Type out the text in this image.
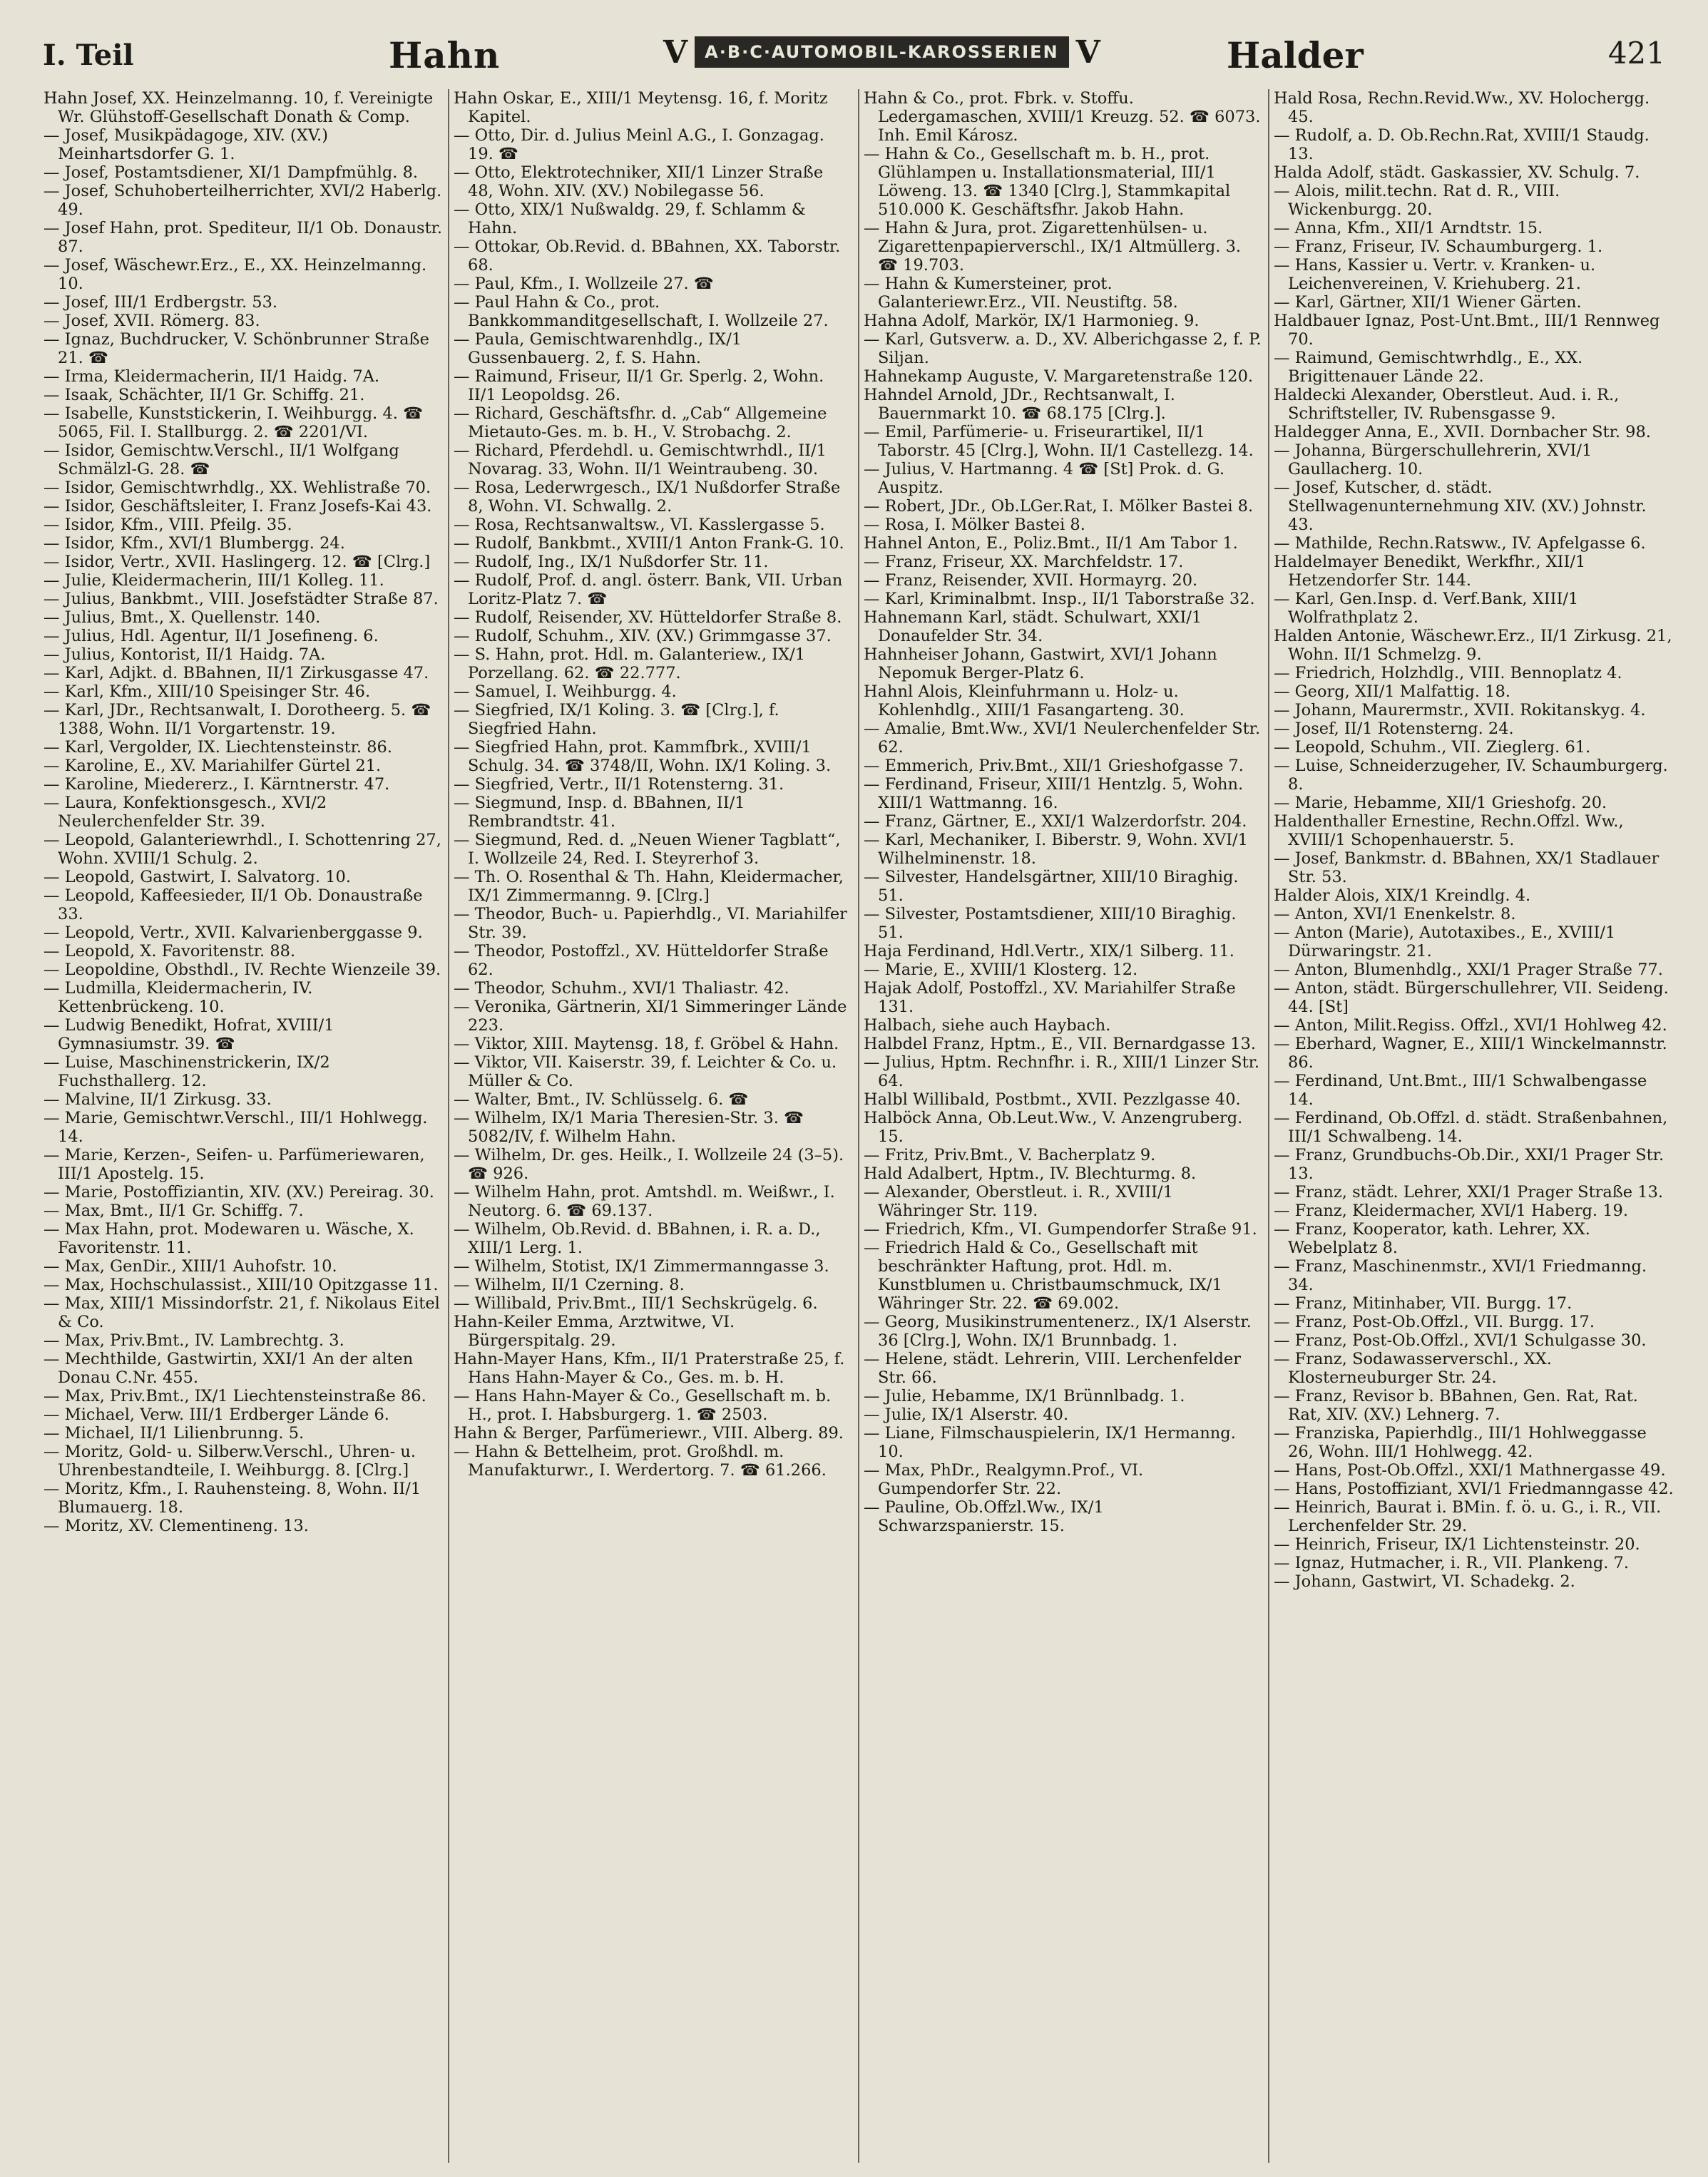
I. Teil	Hahn	V	A·B·C·AUTOMOBIL-KAROSSERIEN V	Halder	421

Hahn Josef, XX. Heinzelmanng. 10, f. Vereinigte Wr. Glühstoff-Gesellschaft Donath & Comp.

— Josef, Musikpädagoge, XIV. (XV.) Meinhartsdorfer G. 1.

— Josef, Postamtsdiener, XI/1 Dampfmühlg. 8.

— Josef, Schuhoberteilherrichter, XVI/2 Haberlg. 49.

— Josef Hahn, prot. Spediteur, II/1 Ob. Donaustr. 87.

— Josef, Wäschewr.Erz., E., XX. Heinzelmanng. 10.

— Josef, III/1 Erdbergstr. 53.

— Josef, XVII. Römerg. 83.

— Ignaz, Buchdrucker, V. Schönbrunner Straße 21. ☎

— Irma, Kleidermacherin, II/1 Haidg. 7A.

— Isaak, Schächter, II/1 Gr. Schiffg. 21.

— Isabelle, Kunststickerin, I. Weihburgg. 4. ☎ 5065, Fil. I. Stallburgg. 2. ☎ 2201/VI.

— Isidor, Gemischtw.Verschl., II/1 Wolfgang Schmälzl-G. 28. ☎

— Isidor, Gemischtwrhdlg., XX. Wehlistraße 70.

— Isidor, Geschäftsleiter, I. Franz Josefs-Kai 43.

— Isidor, Kfm., VIII. Pfeilg. 35.

— Isidor, Kfm., XVI/1 Blumbergg. 24.

— Isidor, Vertr., XVII. Haslingerg. 12. ☎ [Clrg.]

— Julie, Kleidermacherin, III/1 Kolleg. 11.

— Julius, Bankbmt., VIII. Josefstädter Straße 87.

— Julius, Bmt., X. Quellenstr. 140.

— Julius, Hdl. Agentur, II/1 Josefineng. 6.

— Julius, Kontorist, II/1 Haidg. 7A.

— Karl, Adjkt. d. BBahnen, II/1 Zirkusgasse 47.

— Karl, Kfm., XIII/10 Speisinger Str. 46.

— Karl, JDr., Rechtsanwalt, I. Dorotheerg. 5. ☎ 1388, Wohn. II/1 Vorgartenstr. 19.

— Karl, Vergolder, IX. Liechtensteinstr. 86.

— Karoline, E., XV. Mariahilfer Gürtel 21.

— Karoline, Miedererz., I. Kärntnerstr. 47.

— Laura, Konfektionsgesch., XVI/2 Neulerchenfelder Str. 39.

— Leopold, Galanteriewrhdl., I. Schottenring 27, Wohn. XVIII/1 Schulg. 2.

— Leopold, Gastwirt, I. Salvatorg. 10.

— Leopold, Kaffeesieder, II/1 Ob. Donaustraße 33.

— Leopold, Vertr., XVII. Kalvarienberggasse 9.

— Leopold, X. Favoritenstr. 88.

— Leopoldine, Obsthdl., IV. Rechte Wienzeile 39.

— Ludmilla, Kleidermacherin, IV. Kettenbrückeng. 10.

— Ludwig Benedikt, Hofrat, XVIII/1 Gymnasiumstr. 39. ☎

— Luise, Maschinenstrickerin, IX/2 Fuchsthallerg. 12.

— Malvine, II/1 Zirkusg. 33.

— Marie, Gemischtwr.Verschl., III/1 Hohlwegg. 14.

— Marie, Kerzen-, Seifen- u. Parfümeriewaren, III/1 Apostelg. 15.

— Marie, Postoffiziantin, XIV. (XV.) Pereirag. 30.

— Max, Bmt., II/1 Gr. Schiffg. 7.

— Max Hahn, prot. Modewaren u. Wäsche, X. Favoritenstr. 11.

— Max, GenDir., XIII/1 Auhofstr. 10.

— Max, Hochschulassist., XIII/10 Opitzgasse 11.

— Max, XIII/1 Missindorfstr. 21, f. Nikolaus Eitel & Co.

— Max, Priv.Bmt., IV. Lambrechtg. 3.

— Mechthilde, Gastwirtin, XXI/1 An der alten Donau C.Nr. 455.

— Max, Priv.Bmt., IX/1 Liechtensteinstraße 86.

— Michael, Verw. III/1 Erdberger Lände 6.

— Michael, II/1 Lilienbrunng. 5.

— Moritz, Gold- u. Silberw.Verschl., Uhren- u. Uhrenbestandteile, I. Weihburgg. 8. [Clrg.]

— Moritz, Kfm., I. Rauhensteing. 8, Wohn. II/1 Blumauerg. 18.

— Moritz, XV. Clementineng. 13.

Hahn Oskar, E., XIII/1 Meytensg. 16, f. Moritz Kapitel.

— Otto, Dir. d. Julius Meinl A.G., I. Gonzagag. 19. ☎

— Otto, Elektrotechniker, XII/1 Linzer Straße 48, Wohn. XIV. (XV.) Nobilegasse 56.

— Otto, XIX/1 Nußwaldg. 29, f. Schlamm & Hahn.

— Ottokar, Ob.Revid. d. BBahnen, XX. Taborstr. 68.

— Paul, Kfm., I. Wollzeile 27. ☎

— Paul Hahn & Co., prot. Bankkommanditgesellschaft, I. Wollzeile 27.

— Paula, Gemischtwarenhdlg., IX/1 Gussenbauerg. 2, f. S. Hahn.

— Raimund, Friseur, II/1 Gr. Sperlg. 2, Wohn. II/1 Leopoldsg. 26.

— Richard, Geschäftsfhr. d. „Cab“ Allgemeine Mietauto-Ges. m. b. H., V. Strobachg. 2.

— Richard, Pferdehdl. u. Gemischtwrhdl., II/1 Novarag. 33, Wohn. II/1 Weintraubeng. 30.

— Rosa, Lederwrgesch., IX/1 Nußdorfer Straße 8, Wohn. VI. Schwallg. 2.

— Rosa, Rechtsanwaltsw., VI. Kasslergasse 5.

— Rudolf, Bankbmt., XVIII/1 Anton Frank-G. 10.

— Rudolf, Ing., IX/1 Nußdorfer Str. 11.

— Rudolf, Prof. d. angl. österr. Bank, VII. Urban Loritz-Platz 7. ☎

— Rudolf, Reisender, XV. Hütteldorfer Straße 8.

— Rudolf, Schuhm., XIV. (XV.) Grimmgasse 37.

— S. Hahn, prot. Hdl. m. Galanteriew., IX/1 Porzellang. 62. ☎ 22.777.

— Samuel, I. Weihburgg. 4.

— Siegfried, IX/1 Koling. 3. ☎ [Clrg.], f. Siegfried Hahn.

— Siegfried Hahn, prot. Kammfbrk., XVIII/1 Schulg. 34. ☎ 3748/II, Wohn. IX/1 Koling. 3.

— Siegfried, Vertr., II/1 Rotensterng. 31.

— Siegmund, Insp. d. BBahnen, II/1 Rembrandtstr. 41.

— Siegmund, Red. d. „Neuen Wiener Tagblatt“, I. Wollzeile 24, Red. I. Steyrerhof 3.

— Th. O. Rosenthal & Th. Hahn, Kleidermacher, IX/1 Zimmermanng. 9. [Clrg.]

— Theodor, Buch- u. Papierhdlg., VI. Mariahilfer Str. 39.

— Theodor, Postoffzl., XV. Hütteldorfer Straße 62.

— Theodor, Schuhm., XVI/1 Thaliastr. 42.

— Veronika, Gärtnerin, XI/1 Simmeringer Lände 223.

— Viktor, XIII. Maytensg. 18, f. Gröbel & Hahn.

— Viktor, VII. Kaiserstr. 39, f. Leichter & Co. u. Müller & Co.

— Walter, Bmt., IV. Schlüsselg. 6. ☎

— Wilhelm, IX/1 Maria Theresien-Str. 3. ☎ 5082/IV, f. Wilhelm Hahn.

— Wilhelm, Dr. ges. Heilk., I. Wollzeile 24 (3–5). ☎ 926.

— Wilhelm Hahn, prot. Amtshdl. m. Weißwr., I. Neutorg. 6. ☎ 69.137.

— Wilhelm, Ob.Revid. d. BBahnen, i. R. a. D., XIII/1 Lerg. 1.

— Wilhelm, Stotist, IX/1 Zimmermanngasse 3.

— Wilhelm, II/1 Czerning. 8.

— Willibald, Priv.Bmt., III/1 Sechskrügelg. 6.

Hahn-Keiler Emma, Arztwitwe, VI. Bürgerspitalg. 29.

Hahn-Mayer Hans, Kfm., II/1 Praterstraße 25, f. Hans Hahn-Mayer & Co., Ges. m. b. H.

— Hans Hahn-Mayer & Co., Gesellschaft m. b. H., prot. I. Habsburgerg. 1. ☎ 2503.

Hahn & Berger, Parfümeriewr., VIII. Alberg. 89.

— Hahn & Bettelheim, prot. Großhdl. m. Manufakturwr., I. Werdertorg. 7. ☎ 61.266.

Hahn & Co., prot. Fbrk. v. Stoffu. Ledergamaschen, XVIII/1 Kreuzg. 52. ☎ 6073. Inh. Emil Károsz.

— Hahn & Co., Gesellschaft m. b. H., prot. Glühlampen u. Installationsmaterial, III/1 Löweng. 13. ☎ 1340 [Clrg.], Stammkapital 510.000 K. Geschäftsfhr. Jakob Hahn.

— Hahn & Jura, prot. Zigarettenhülsen- u. Zigarettenpapierverschl., IX/1 Altmüllerg. 3. ☎ 19.703.

— Hahn & Kumersteiner, prot. Galanteriewr.Erz., VII. Neustiftg. 58.

Hahna Adolf, Markör, IX/1 Harmonieg. 9.

— Karl, Gutsverw. a. D., XV. Alberichgasse 2, f. P. Siljan.

Hahnekamp Auguste, V. Margaretenstraße 120.

Hahndel Arnold, JDr., Rechtsanwalt, I. Bauernmarkt 10. ☎ 68.175 [Clrg.].

— Emil, Parfümerie- u. Friseurartikel, II/1 Taborstr. 45 [Clrg.], Wohn. II/1 Castellezg. 14.

— Julius, V. Hartmanng. 4 ☎ [St] Prok. d. G. Auspitz.

— Robert, JDr., Ob.LGer.Rat, I. Mölker Bastei 8.

— Rosa, I. Mölker Bastei 8.

Hahnel Anton, E., Poliz.Bmt., II/1 Am Tabor 1.

— Franz, Friseur, XX. Marchfeldstr. 17.

— Franz, Reisender, XVII. Hormayrg. 20.

— Karl, Kriminalbmt. Insp., II/1 Taborstraße 32.

Hahnemann Karl, städt. Schulwart, XXI/1 Donaufelder Str. 34.

Hahnheiser Johann, Gastwirt, XVI/1 Johann Nepomuk Berger-Platz 6.

Hahnl Alois, Kleinfuhrmann u. Holz- u. Kohlenhdlg., XIII/1 Fasangarteng. 30.

— Amalie, Bmt.Ww., XVI/1 Neulerchenfelder Str. 62.

— Emmerich, Priv.Bmt., XII/1 Grieshofgasse 7.

— Ferdinand, Friseur, XIII/1 Hentzlg. 5, Wohn. XIII/1 Wattmanng. 16.

— Franz, Gärtner, E., XXI/1 Walzerdorfstr. 204.

— Karl, Mechaniker, I. Biberstr. 9, Wohn. XVI/1 Wilhelminenstr. 18.

— Silvester, Handelsgärtner, XIII/10 Biraghig. 51.

— Silvester, Postamtsdiener, XIII/10 Biraghig. 51.

Haja Ferdinand, Hdl.Vertr., XIX/1 Silberg. 11.

— Marie, E., XVIII/1 Klosterg. 12.

Hajak Adolf, Postoffzl., XV. Mariahilfer Straße 131.

Halbach, siehe auch Haybach.

Halbdel Franz, Hptm., E., VII. Bernardgasse 13.

— Julius, Hptm. Rechnfhr. i. R., XIII/1 Linzer Str. 64.

Halbl Willibald, Postbmt., XVII. Pezzlgasse 40.

Halböck Anna, Ob.Leut.Ww., V. Anzengruberg. 15.

— Fritz, Priv.Bmt., V. Bacherplatz 9.

Hald Adalbert, Hptm., IV. Blechturmg. 8.

— Alexander, Oberstleut. i. R., XVIII/1 Währinger Str. 119.

— Friedrich, Kfm., VI. Gumpendorfer Straße 91.

— Friedrich Hald & Co., Gesellschaft mit beschränkter Haftung, prot. Hdl. m. Kunstblumen u. Christbaumschmuck, IX/1 Währinger Str. 22. ☎ 69.002.

— Georg, Musikinstrumentenerz., IX/1 Alserstr. 36 [Clrg.], Wohn. IX/1 Brunnbadg. 1.

— Helene, städt. Lehrerin, VIII. Lerchenfelder Str. 66.

— Julie, Hebamme, IX/1 Brünnlbadg. 1.

— Julie, IX/1 Alserstr. 40.

— Liane, Filmschauspielerin, IX/1 Hermanng. 10.

— Max, PhDr., Realgymn.Prof., VI. Gumpendorfer Str. 22.

— Pauline, Ob.Offzl.Ww., IX/1 Schwarzspanierstr. 15.

Hald Rosa, Rechn.Revid.Ww., XV. Holochergg. 45.

— Rudolf, a. D. Ob.Rechn.Rat, XVIII/1 Staudg. 13.

Halda Adolf, städt. Gaskassier, XV. Schulg. 7.

— Alois, milit.techn. Rat d. R., VIII. Wickenburgg. 20.

— Anna, Kfm., XII/1 Arndtstr. 15.

— Franz, Friseur, IV. Schaumburgerg. 1.

— Hans, Kassier u. Vertr. v. Kranken- u. Leichenvereinen, V. Kriehuberg. 21.

— Karl, Gärtner, XII/1 Wiener Gärten.

Haldbauer Ignaz, Post-Unt.Bmt., III/1 Rennweg 70.

— Raimund, Gemischtwrhdlg., E., XX. Brigittenauer Lände 22.

Haldecki Alexander, Oberstleut. Aud. i. R., Schriftsteller, IV. Rubensgasse 9.

Haldegger Anna, E., XVII. Dornbacher Str. 98.

— Johanna, Bürgerschullehrerin, XVI/1 Gaullacherg. 10.

— Josef, Kutscher, d. städt. Stellwagenunternehmung XIV. (XV.) Johnstr. 43.

— Mathilde, Rechn.Ratsww., IV. Apfelgasse 6.

Haldelmayer Benedikt, Werkfhr., XII/1 Hetzendorfer Str. 144.

— Karl, Gen.Insp. d. Verf.Bank, XIII/1 Wolfrathplatz 2.

Halden Antonie, Wäschewr.Erz., II/1 Zirkusg. 21, Wohn. II/1 Schmelzg. 9.

— Friedrich, Holzhdlg., VIII. Bennoplatz 4.

— Georg, XII/1 Malfattig. 18.

— Johann, Maurermstr., XVII. Rokitanskyg. 4.

— Josef, II/1 Rotensterng. 24.

— Leopold, Schuhm., VII. Zieglerg. 61.

— Luise, Schneiderzugeher, IV. Schaumburgerg. 8.

— Marie, Hebamme, XII/1 Grieshofg. 20.

Haldenthaller Ernestine, Rechn.Offzl. Ww., XVIII/1 Schopenhauerstr. 5.

— Josef, Bankmstr. d. BBahnen, XX/1 Stadlauer Str. 53.

Halder Alois, XIX/1 Kreindlg. 4.

— Anton, XVI/1 Enenkelstr. 8.

— Anton (Marie), Autotaxibes., E., XVIII/1 Dürwaringstr. 21.

— Anton, Blumenhdlg., XXI/1 Prager Straße 77.

— Anton, städt. Bürgerschullehrer, VII. Seideng. 44. [St]

— Anton, Milit.Regiss. Offzl., XVI/1 Hohlweg 42.

— Eberhard, Wagner, E., XIII/1 Winckelmannstr. 86.

— Ferdinand, Unt.Bmt., III/1 Schwalbengasse 14.

— Ferdinand, Ob.Offzl. d. städt. Straßenbahnen, III/1 Schwalbeng. 14.

— Franz, Grundbuchs-Ob.Dir., XXI/1 Prager Str. 13.

— Franz, städt. Lehrer, XXI/1 Prager Straße 13.

— Franz, Kleidermacher, XVI/1 Haberg. 19.

— Franz, Kooperator, kath. Lehrer, XX. Webelplatz 8.

— Franz, Maschinenmstr., XVI/1 Friedmanng. 34.

— Franz, Mitinhaber, VII. Burgg. 17.

— Franz, Post-Ob.Offzl., VII. Burgg. 17.

— Franz, Post-Ob.Offzl., XVI/1 Schulgasse 30.

— Franz, Sodawasserverschl., XX. Klosterneuburger Str. 24.

— Franz, Revisor b. BBahnen, Gen. Rat, Rat. Rat, XIV. (XV.) Lehnerg. 7.

— Franziska, Papierhdlg., III/1 Hohlweggasse 26, Wohn. III/1 Hohlwegg. 42.

— Hans, Post-Ob.Offzl., XXI/1 Mathnergasse 49.

— Hans, Postoffiziant, XVI/1 Friedmanngasse 42.

— Heinrich, Baurat i. BMin. f. ö. u. G., i. R., VII. Lerchenfelder Str. 29.

— Heinrich, Friseur, IX/1 Lichtensteinstr. 20.

— Ignaz, Hutmacher, i. R., VII. Plankeng. 7.

— Johann, Gastwirt, VI. Schadekg. 2.
